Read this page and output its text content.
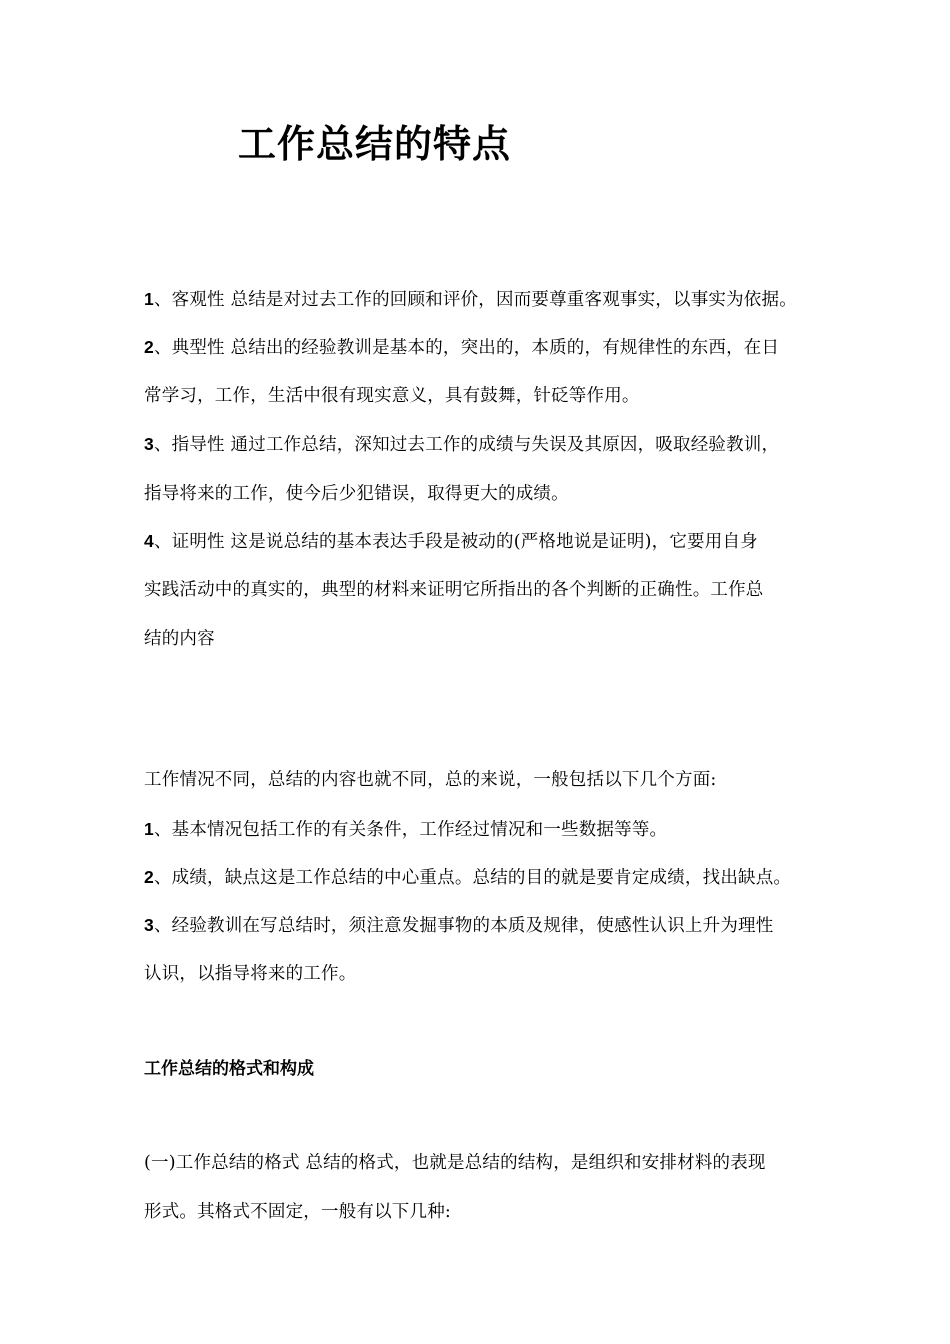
工作总结的特点
1、客观性 总结是对过去工作的回顾和评价，因而要尊重客观事实，以事实为依据。
2、典型性 总结出的经验教训是基本的，突出的，本质的，有规律性的东西，在日
常学习，工作，生活中很有现实意义，具有鼓舞，针砭等作用。
3、指导性 通过工作总结，深知过去工作的成绩与失误及其原因，吸取经验教训，
指导将来的工作，使今后少犯错误，取得更大的成绩。
4、证明性 这是说总结的基本表达手段是被动的(严格地说是证明)，它要用自身
实践活动中的真实的，典型的材料来证明它所指出的各个判断的正确性。工作总
结的内容
工作情况不同，总结的内容也就不同，总的来说，一般包括以下几个方面:
1、基本情况包括工作的有关条件，工作经过情况和一些数据等等。
2、成绩，缺点这是工作总结的中心重点。总结的目的就是要肯定成绩，找出缺点。
3、经验教训在写总结时，须注意发掘事物的本质及规律，使感性认识上升为理性
认识，以指导将来的工作。
工作总结的格式和构成
(一)工作总结的格式 总结的格式，也就是总结的结构，是组织和安排材料的表现
形式。其格式不固定，一般有以下几种:
